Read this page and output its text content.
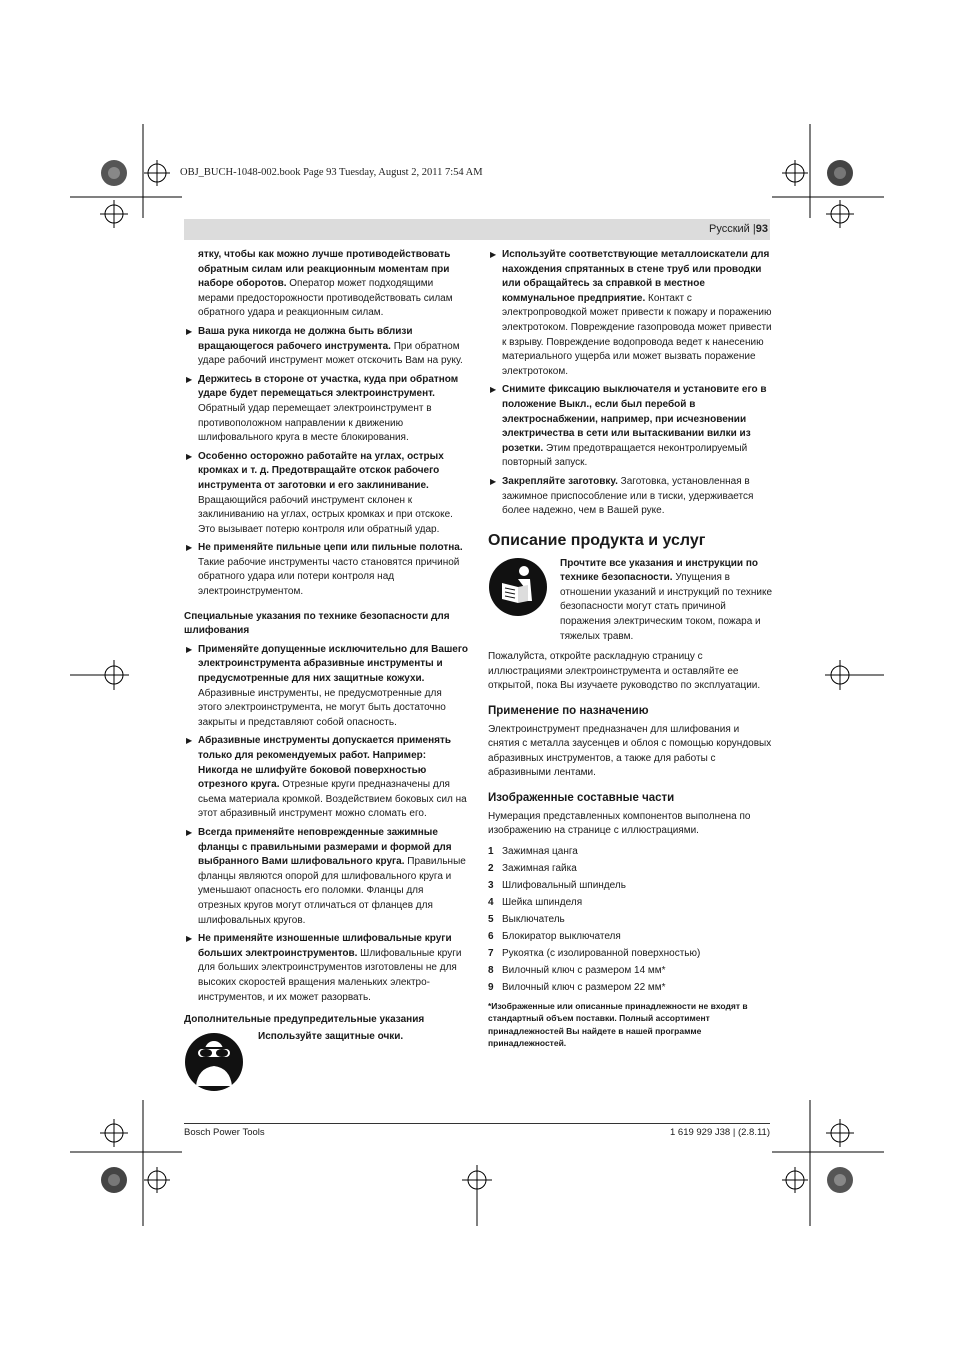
OBJ_BUCH-1048-002.book Page 93 Tuesday, August 2, 2011 7:54 AM
Русский |93

ятку, чтобы как можно лучше противодействовать обратным силам или реакционным моментам при наборе оборотов. Оператор может подходящими мерами предосторожности противодействовать силам обратного удара и реакционным силам.

▶ Ваша рука никогда не должна быть вблизи вращающегося рабочего инструмента. При обратном ударе рабочий инструмент может отскочить Вам на руку.
▶ Держитесь в стороне от участка, куда при обратном ударе будет перемещаться электроинструмент. Обратный удар перемещает электроинструмент в противоположном направлении к движению шлифовального круга в месте блокирования.
▶ Особенно осторожно работайте на углах, острых кромках и т. д. Предотвращайте отскок рабочего инструмента от заготовки и его заклинивание. Вращающийся рабочий инструмент склонен к заклиниванию на углах, острых кромках и при отскоке. Это вызывает потерю контроля или обратный удар.
▶ Не применяйте пильные цепи или пильные полотна. Такие рабочие инструменты часто становятся причиной обратного удара или потери контроля над электроинструментом.
Специальные указания по технике безопасности для шлифования
▶ Применяйте допущенные исключительно для Вашего электроинструмента абразивные инструменты и предусмотренные для них защитные кожухи. Абразивные инструменты, не предусмотренные для этого электроинструмента, не могут быть достаточно закрыты и представляют собой опасность.
▶ Абразивные инструменты допускается применять только для рекомендуемых работ. Например: Никогда не шлифуйте боковой поверхностью отрезного круга. Отрезные круги предназначены для сьема материала кромкой. Воздействием боковых сил на этот абразивный инструмент можно сломать его.
▶ Всегда применяйте неповрежденные зажимные фланцы с правильными размерами и формой для выбранного Вами шлифовального круга. Правильные фланцы являются опорой для шлифовального круга и уменьшают опасность его поломки. Фланцы для отрезных кругов могут отличаться от фланцев для шлифовальных кругов.
▶ Не применяйте изношенные шлифовальные круги больших электроинструментов. Шлифовальные круги для больших электроинструментов изготовлены не для высоких скоростей вращения маленьких электро-инструментов, и их может разорвать.
Дополнительные предупредительные указания
Используйте защитные очки.
▶ Используйте соответствующие металлоискатели для нахождения спрятанных в стене труб или проводки или обращайтесь за справкой в местное коммунальное предприятие. Контакт с электропроводкой может привести к пожару и поражению электротоком. Повреждение газопровода может привести к взрыву. Повреждение водопровода ведет к нанесению материального ущерба или может вызвать поражение электротоком.
▶ Снимите фиксацию выключателя и установите его в положение Выкл., если был перебой в электроснабжении, например, при исчезновении электричества в сети или вытаскивании вилки из розетки. Этим предотвращается неконтролируемый повторный запуск.
▶ Закрепляйте заготовку. Заготовка, установленная в зажимное приспособление или в тиски, удерживается более надежно, чем в Вашей руке.
Описание продукта и услуг
Прочтите все указания и инструкции по технике безопасности. Упущения в отношении указаний и инструкций по технике безопасности могут стать причиной поражения электрическим током, пожара и тяжелых травм.

Пожалуйста, откройте раскладную страницу с иллюстрациями электроинструмента и оставляйте ее открытой, пока Вы изучаете руководство по эксплуатации.

Применение по назначению

Электроинструмент предназначен для шлифования и снятия с металла заусенцев и облоя с помощью корундовых абразивных инструментов, а также для работы с абразивными лентами.

Изображенные составные части

Нумерация представленных компонентов выполнена по изображению на странице с иллюстрациями.

1 Зажимная цанга
2 Зажимная гайка
3 Шлифовальный шпиндель
4 Шейка шпинделя
5 Выключатель
6 Блокиратор выключателя
7 Рукоятка (с изолированной поверхностью)
8 Вилочный ключ с размером 14 мм*
9 Вилочный ключ с размером 22 мм*
*Изображенные или описанные принадлежности не входят в стандартный объем поставки. Полный ассортимент принадлежностей Вы найдете в нашей программе принадлежностей.
Bosch Power Tools	1 619 929 J38 | (2.8.11)
